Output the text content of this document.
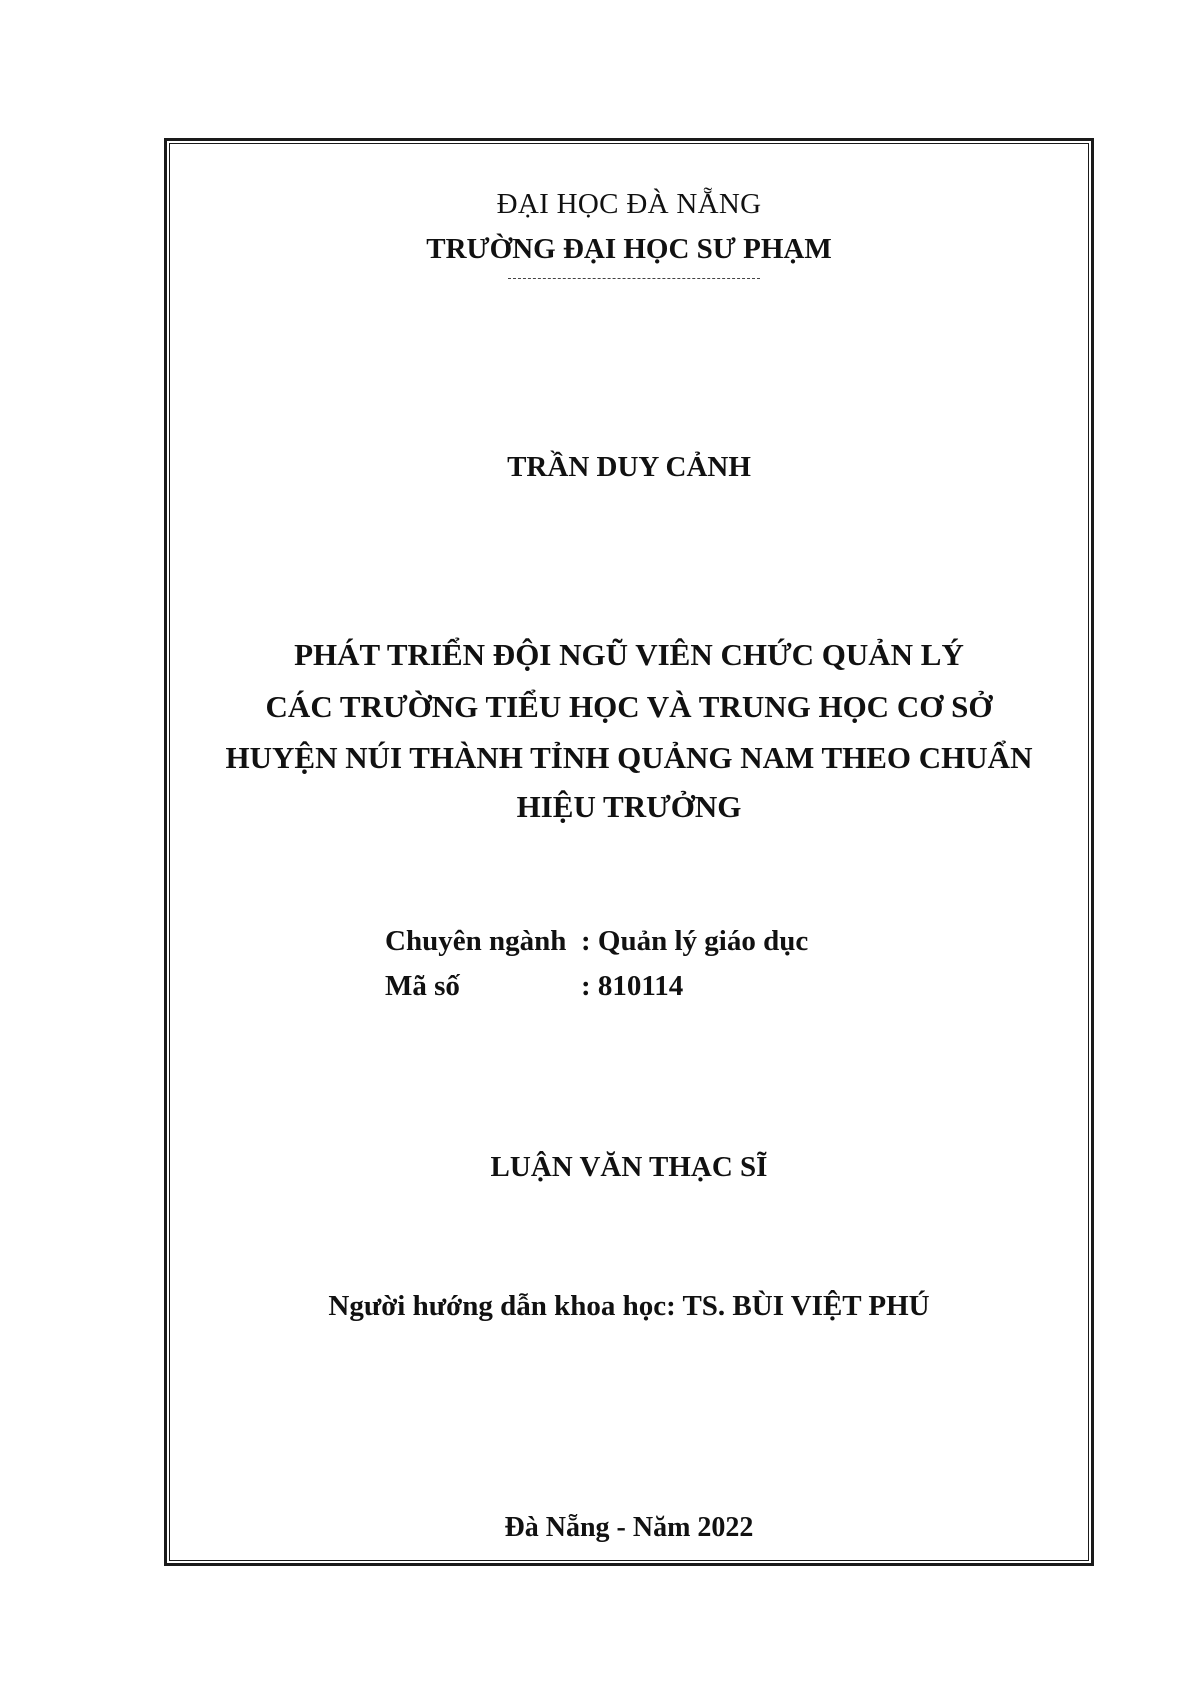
ĐẠI HỌC ĐÀ NẴNG
TRƯỜNG ĐẠI HỌC SƯ PHẠM
TRẦN DUY CẢNH
PHÁT TRIỂN ĐỘI NGŨ VIÊN CHỨC QUẢN LÝ
CÁC TRƯỜNG TIỂU HỌC VÀ TRUNG HỌC CƠ SỞ
HUYỆN NÚI THÀNH TỈNH QUẢNG NAM THEO CHUẨN
HIỆU TRƯỞNG
Chuyên ngành : Quản lý giáo dục
Mã số	: 810114
LUẬN VĂN THẠC SĨ
Người hướng dẫn khoa học: TS. BÙI VIỆT PHÚ
Đà Nẵng - Năm 2022
